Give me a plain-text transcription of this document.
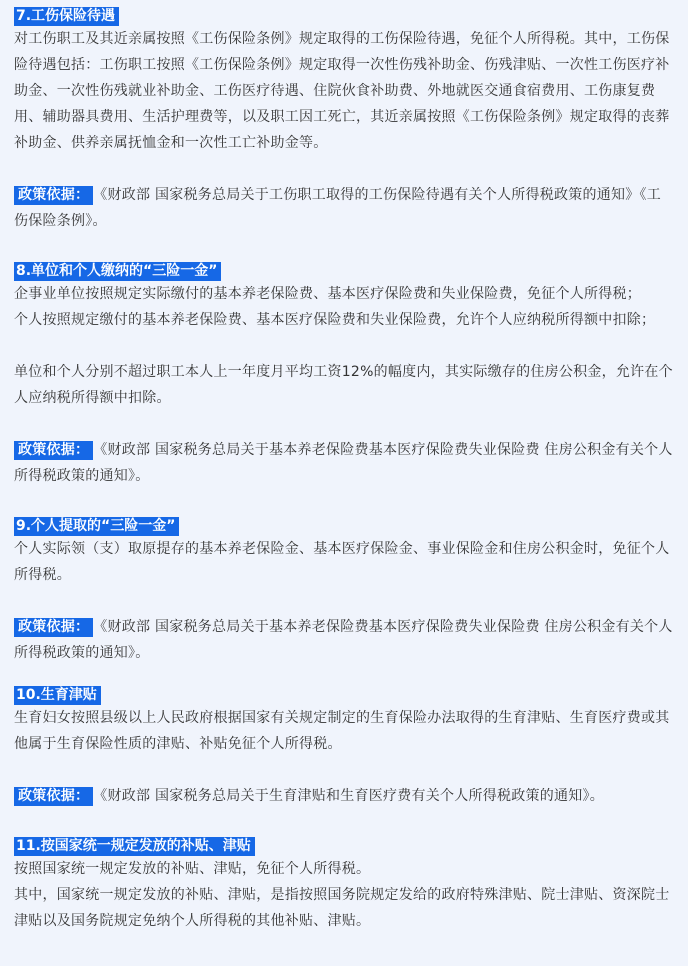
7.工伤保险待遇

对工伤职工及其近亲属按照《工伤保险条例》规定取得的工伤保险待遇，免征个人所得税。其中，工伤保险待遇包括：工伤职工按照《工伤保险条例》规定取得一次性伤残补助金、伤残津贴、一次性工伤医疗补助金、一次性伤残就业补助金、工伤医疗待遇、住院伙食补助费、外地就医交通食宿费用、工伤康复费用、辅助器具费用、生活护理费等，以及职工因工死亡，其近亲属按照《工伤保险条例》规定取得的丧葬补助金、供养亲属抚恤金和一次性工亡补助金等。

政策依据： 《财政部 国家税务总局关于工伤职工取得的工伤保险待遇有关个人所得税政策的通知》《工伤保险条例》。

8.单位和个人缴纳的“三险一金”

企事业单位按照规定实际缴付的基本养老保险费、基本医疗保险费和失业保险费，免征个人所得税；

个人按照规定缴付的基本养老保险费、基本医疗保险费和失业保险费，允许个人应纳税所得额中扣除；

单位和个人分别不超过职工本人上一年度月平均工资12%的幅度内，其实际缴存的住房公积金，允许在个人应纳税所得额中扣除。

政策依据： 《财政部 国家税务总局关于基本养老保险费基本医疗保险费失业保险费 住房公积金有关个人所得税政策的通知》。

9.个人提取的“三险一金”

个人实际领（支）取原提存的基本养老保险金、基本医疗保险金、事业保险金和住房公积金时，免征个人所得税。

政策依据： 《财政部 国家税务总局关于基本养老保险费基本医疗保险费失业保险费 住房公积金有关个人所得税政策的通知》。

10.生育津贴

生育妇女按照县级以上人民政府根据国家有关规定制定的生育保险办法取得的生育津贴、生育医疗费或其他属于生育保险性质的津贴、补贴免征个人所得税。

政策依据： 《财政部 国家税务总局关于生育津贴和生育医疗费有关个人所得税政策的通知》。

11.按国家统一规定发放的补贴、津贴

按照国家统一规定发放的补贴、津贴，免征个人所得税。

其中，国家统一规定发放的补贴、津贴，是指按照国务院规定发给的政府特殊津贴、院士津贴、资深院士津贴以及国务院规定免纳个人所得税的其他补贴、津贴。
